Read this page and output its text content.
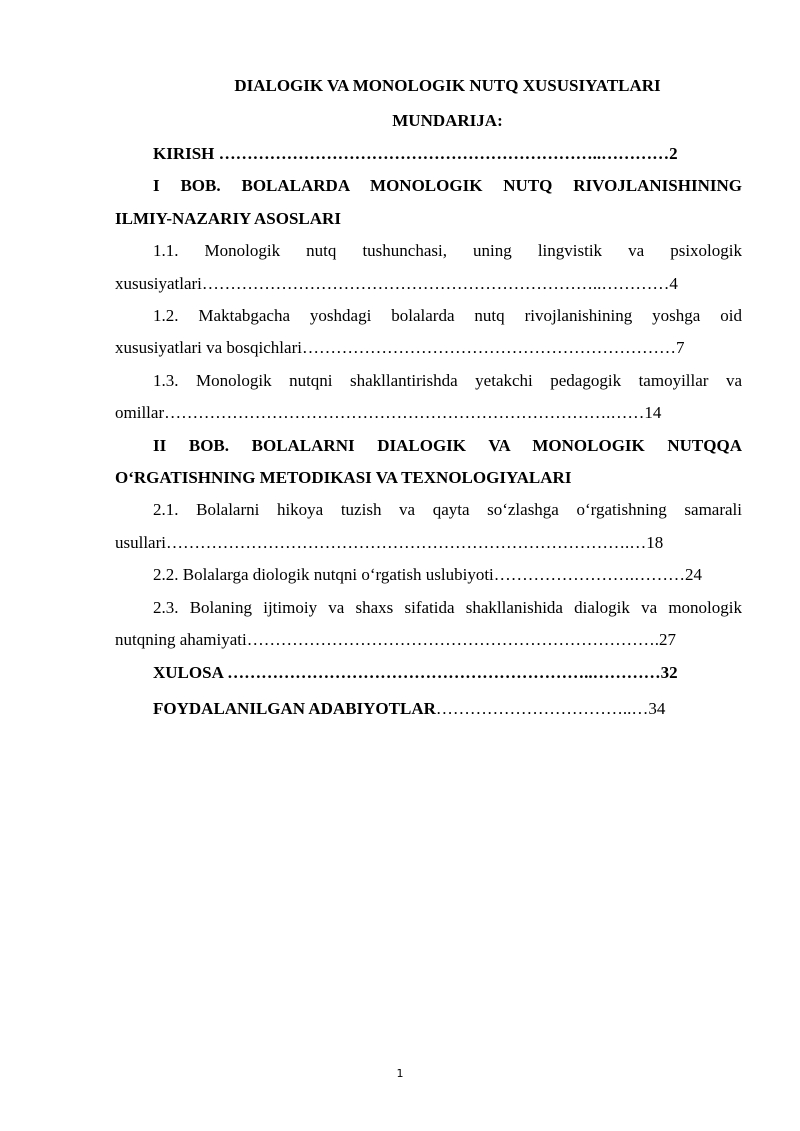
DIALOGIK VA MONOLOGIK NUTQ XUSUSIYATLARI
MUNDARIJA:

KIRISH …………………………………………………………..…………2

I BOB. BOLALARDA MONOLOGIK NUTQ RIVOJLANISHINING

ILMIY-NAZARIY ASOSLARI

1.1. Monologik nutq tushunchasi, uning lingvistik va psixologik

xususiyatlari……………………………………………………………..…………4

1.2. Maktabgacha yoshdagi bolalarda nutq rivojlanishining yoshga oid

xususiyatlari va bosqichlari…………………………………………………………7

1.3. Monologik nutqni shakllantirishda yetakchi pedagogik tamoyillar va

omillar…………………………………………………………………….……14

II BOB. BOLALARNI DIALOGIK VA MONOLOGIK NUTQQA

O‘RGATISHNING METODIKASI VA TEXNOLOGIYALARI

2.1. Bolalarni hikoya tuzish va qayta so‘zlashga o‘rgatishning samarali

usullari……………………………………………………………………….…18

2.2. Bolalarga diologik nutqni o‘rgatish uslubiyoti…………………….………24

2.3. Bolaning ijtimoiy va shaxs sifatida shakllanishida dialogik va monologik

nutqning ahamiyati……………………………………………………………….27

XULOSA ………………………………………………………..…………32

FOYDALANILGAN ADABIYOTLAR……………………………..…34

1
